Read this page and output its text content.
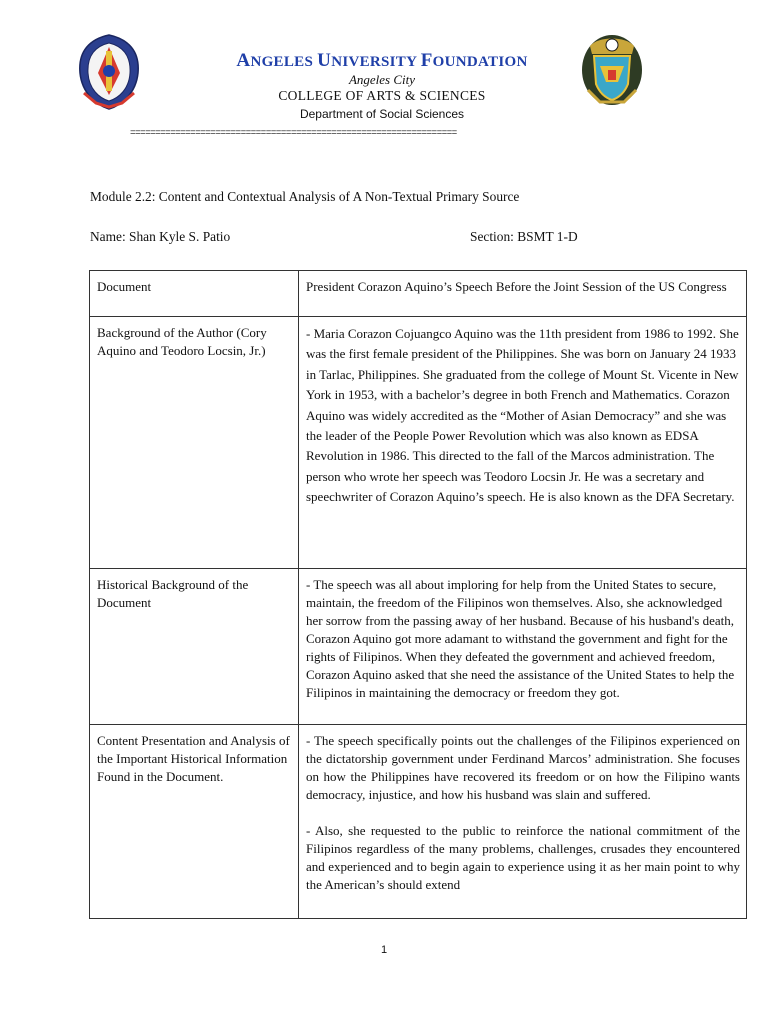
ANGELES UNIVERSITY FOUNDATION
Angeles City
COLLEGE OF ARTS & SCIENCES
Department of Social Sciences
=================================================================
Module 2.2: Content and Contextual Analysis of A Non-Textual Primary Source
Name: Shan Kyle S. Patio	Section: BSMT 1-D
Document	President Corazon Aquino’s Speech Before the Joint Session of the US Congress

Background of the Author (Cory Aquino and Teodoro Locsin, Jr.)	- Maria Corazon Cojuangco Aquino was the 11th president from 1986 to 1992. She was the first female president of the Philippines. She was born on January 24 1933 in Tarlac, Philippines. She graduated from the college of Mount St. Vicente in New York in 1953, with a bachelor’s degree in both French and Mathematics. Corazon Aquino was widely accredited as the “Mother of Asian Democracy” and she was the leader of the People Power Revolution which was also known as EDSA Revolution in 1986. This directed to the fall of the Marcos administration. The person who wrote her speech was Teodoro Locsin Jr. He was a secretary and speechwriter of Corazon Aquino’s speech. He is also known as the DFA Secretary.

Historical Background of the Document	- The speech was all about imploring for help from the United States to secure, maintain, the freedom of the Filipinos won themselves. Also, she acknowledged her sorrow from the passing away of her husband. Because of his husband's death, Corazon Aquino got more adamant to withstand the government and fight for the rights of Filipinos. When they defeated the government and achieved freedom, Corazon Aquino asked that she need the assistance of the United States to help the Filipinos in maintaining the democracy or freedom they got.

Content Presentation and Analysis of the Important Historical Information Found in the Document.	- The speech specifically points out the challenges of the Filipinos experienced on the dictatorship government under Ferdinand Marcos’ administration. She focuses on how the Philippines have recovered its freedom or on how the Filipino wants democracy, injustice, and how his husband was slain and suffered.
- Also, she requested to the public to reinforce the national commitment of the Filipinos regardless of the many problems, challenges, crusades they encountered and experienced and to begin again to experience using it as her main point to why the American’s should extend
1
